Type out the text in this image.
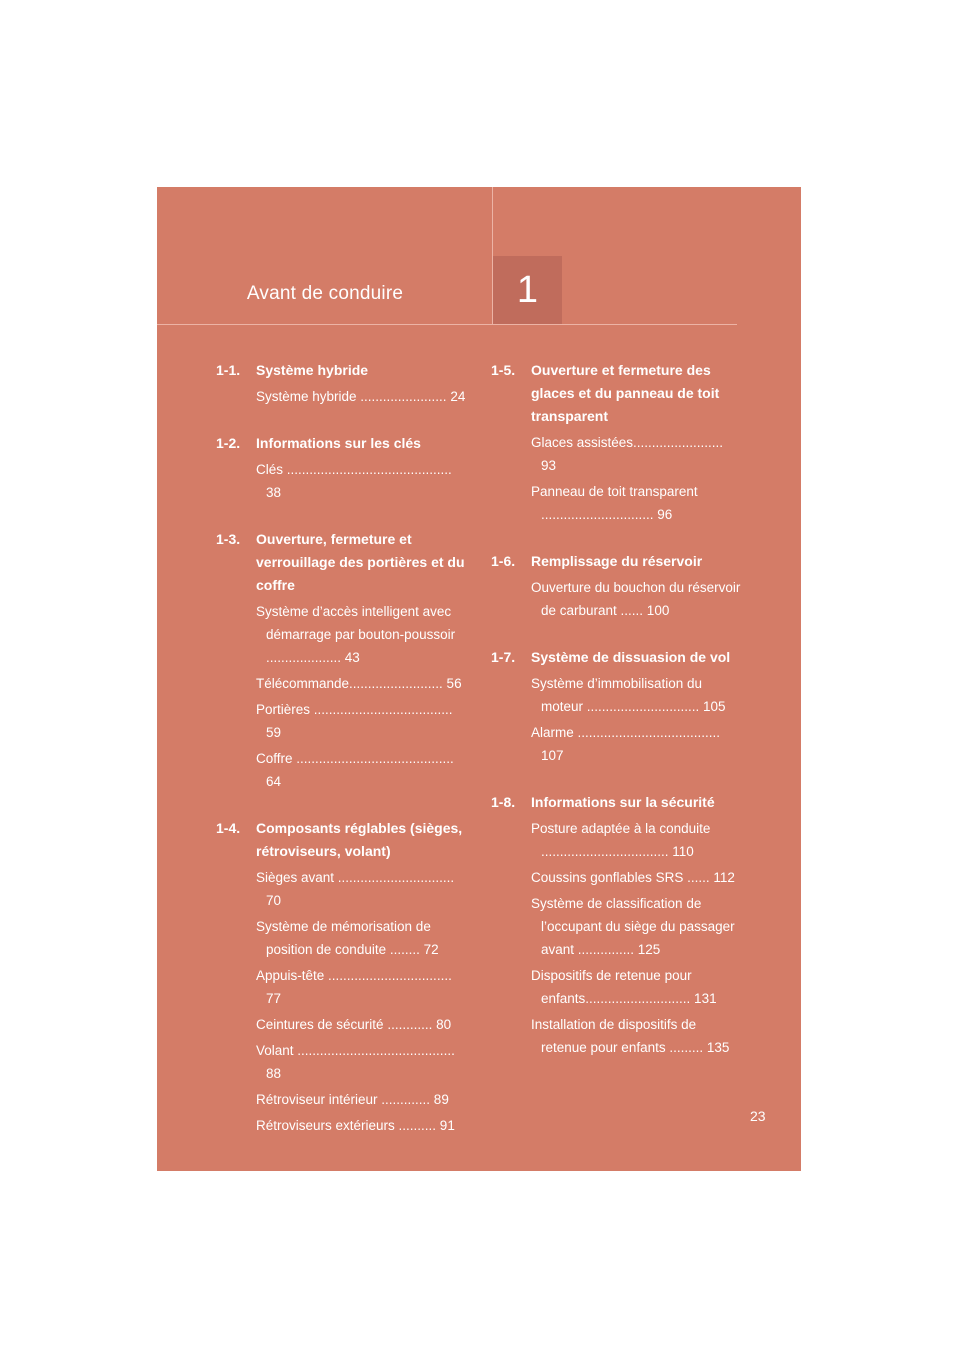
Avant de conduire	1
1-1.	Système hybride
Système hybride ....................... 24
1-2.	Informations sur les clés
Clés ............................................ 38
1-3.	Ouverture, fermeture et verrouillage des portières et du coffre
Système d’accès intelligent avec démarrage par bouton-poussoir .................... 43
Télécommande......................... 56
Portières ..................................... 59
Coffre .......................................... 64
1-4.	Composants réglables (sièges, rétroviseurs, volant)
Sièges avant ............................... 70
Système de mémorisation de position de conduite ........ 72
Appuis-tête ................................. 77
Ceintures de sécurité ............ 80
Volant .......................................... 88
Rétroviseur intérieur ............. 89
Rétroviseurs extérieurs .......... 91
1-5.	Ouverture et fermeture des glaces et du panneau de toit transparent
Glaces assistées........................ 93
Panneau de toit transparent .............................. 96
1-6.	Remplissage du réservoir
Ouverture du bouchon du réservoir de carburant ...... 100
1-7.	Système de dissuasion de vol
Système d’immobilisation du moteur .............................. 105
Alarme ...................................... 107
1-8.	Informations sur la sécurité
Posture adaptée à la conduite .................................. 110
Coussins gonflables SRS ...... 112
Système de classification de l’occupant du siège du passager avant ............... 125
Dispositifs de retenue pour enfants............................ 131
Installation de dispositifs de retenue pour enfants ......... 135
23
